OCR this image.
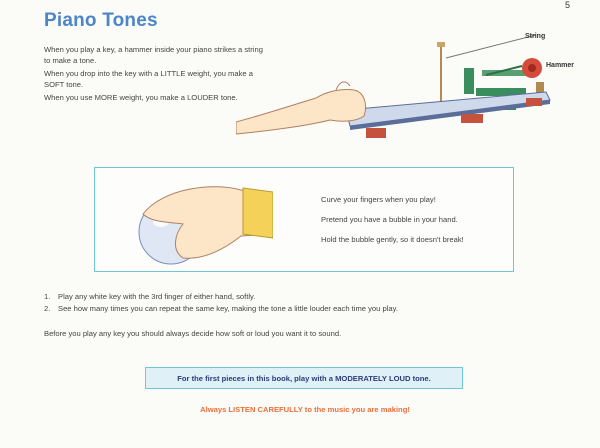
5
Piano Tones

When you play a key, a hammer inside your piano strikes a string to make a tone.

When you drop into the key with a LITTLE weight, you make a SOFT tone.

When you use MORE weight, you make a LOUDER tone.

String
Hammer

Curve your fingers when you play!

Pretend you have a bubble in your hand.

Hold the bubble gently, so it doesn't break!

1.	Play any white key with the 3rd finger of either hand, softly.
2.	See how many times you can repeat the same key, making the tone a little louder each time you play.
Before you play any key you should always decide how soft or loud you want it to sound.
For the first pieces in this book, play with a MODERATELY LOUD tone.
Always LISTEN CAREFULLY to the music you are making!
